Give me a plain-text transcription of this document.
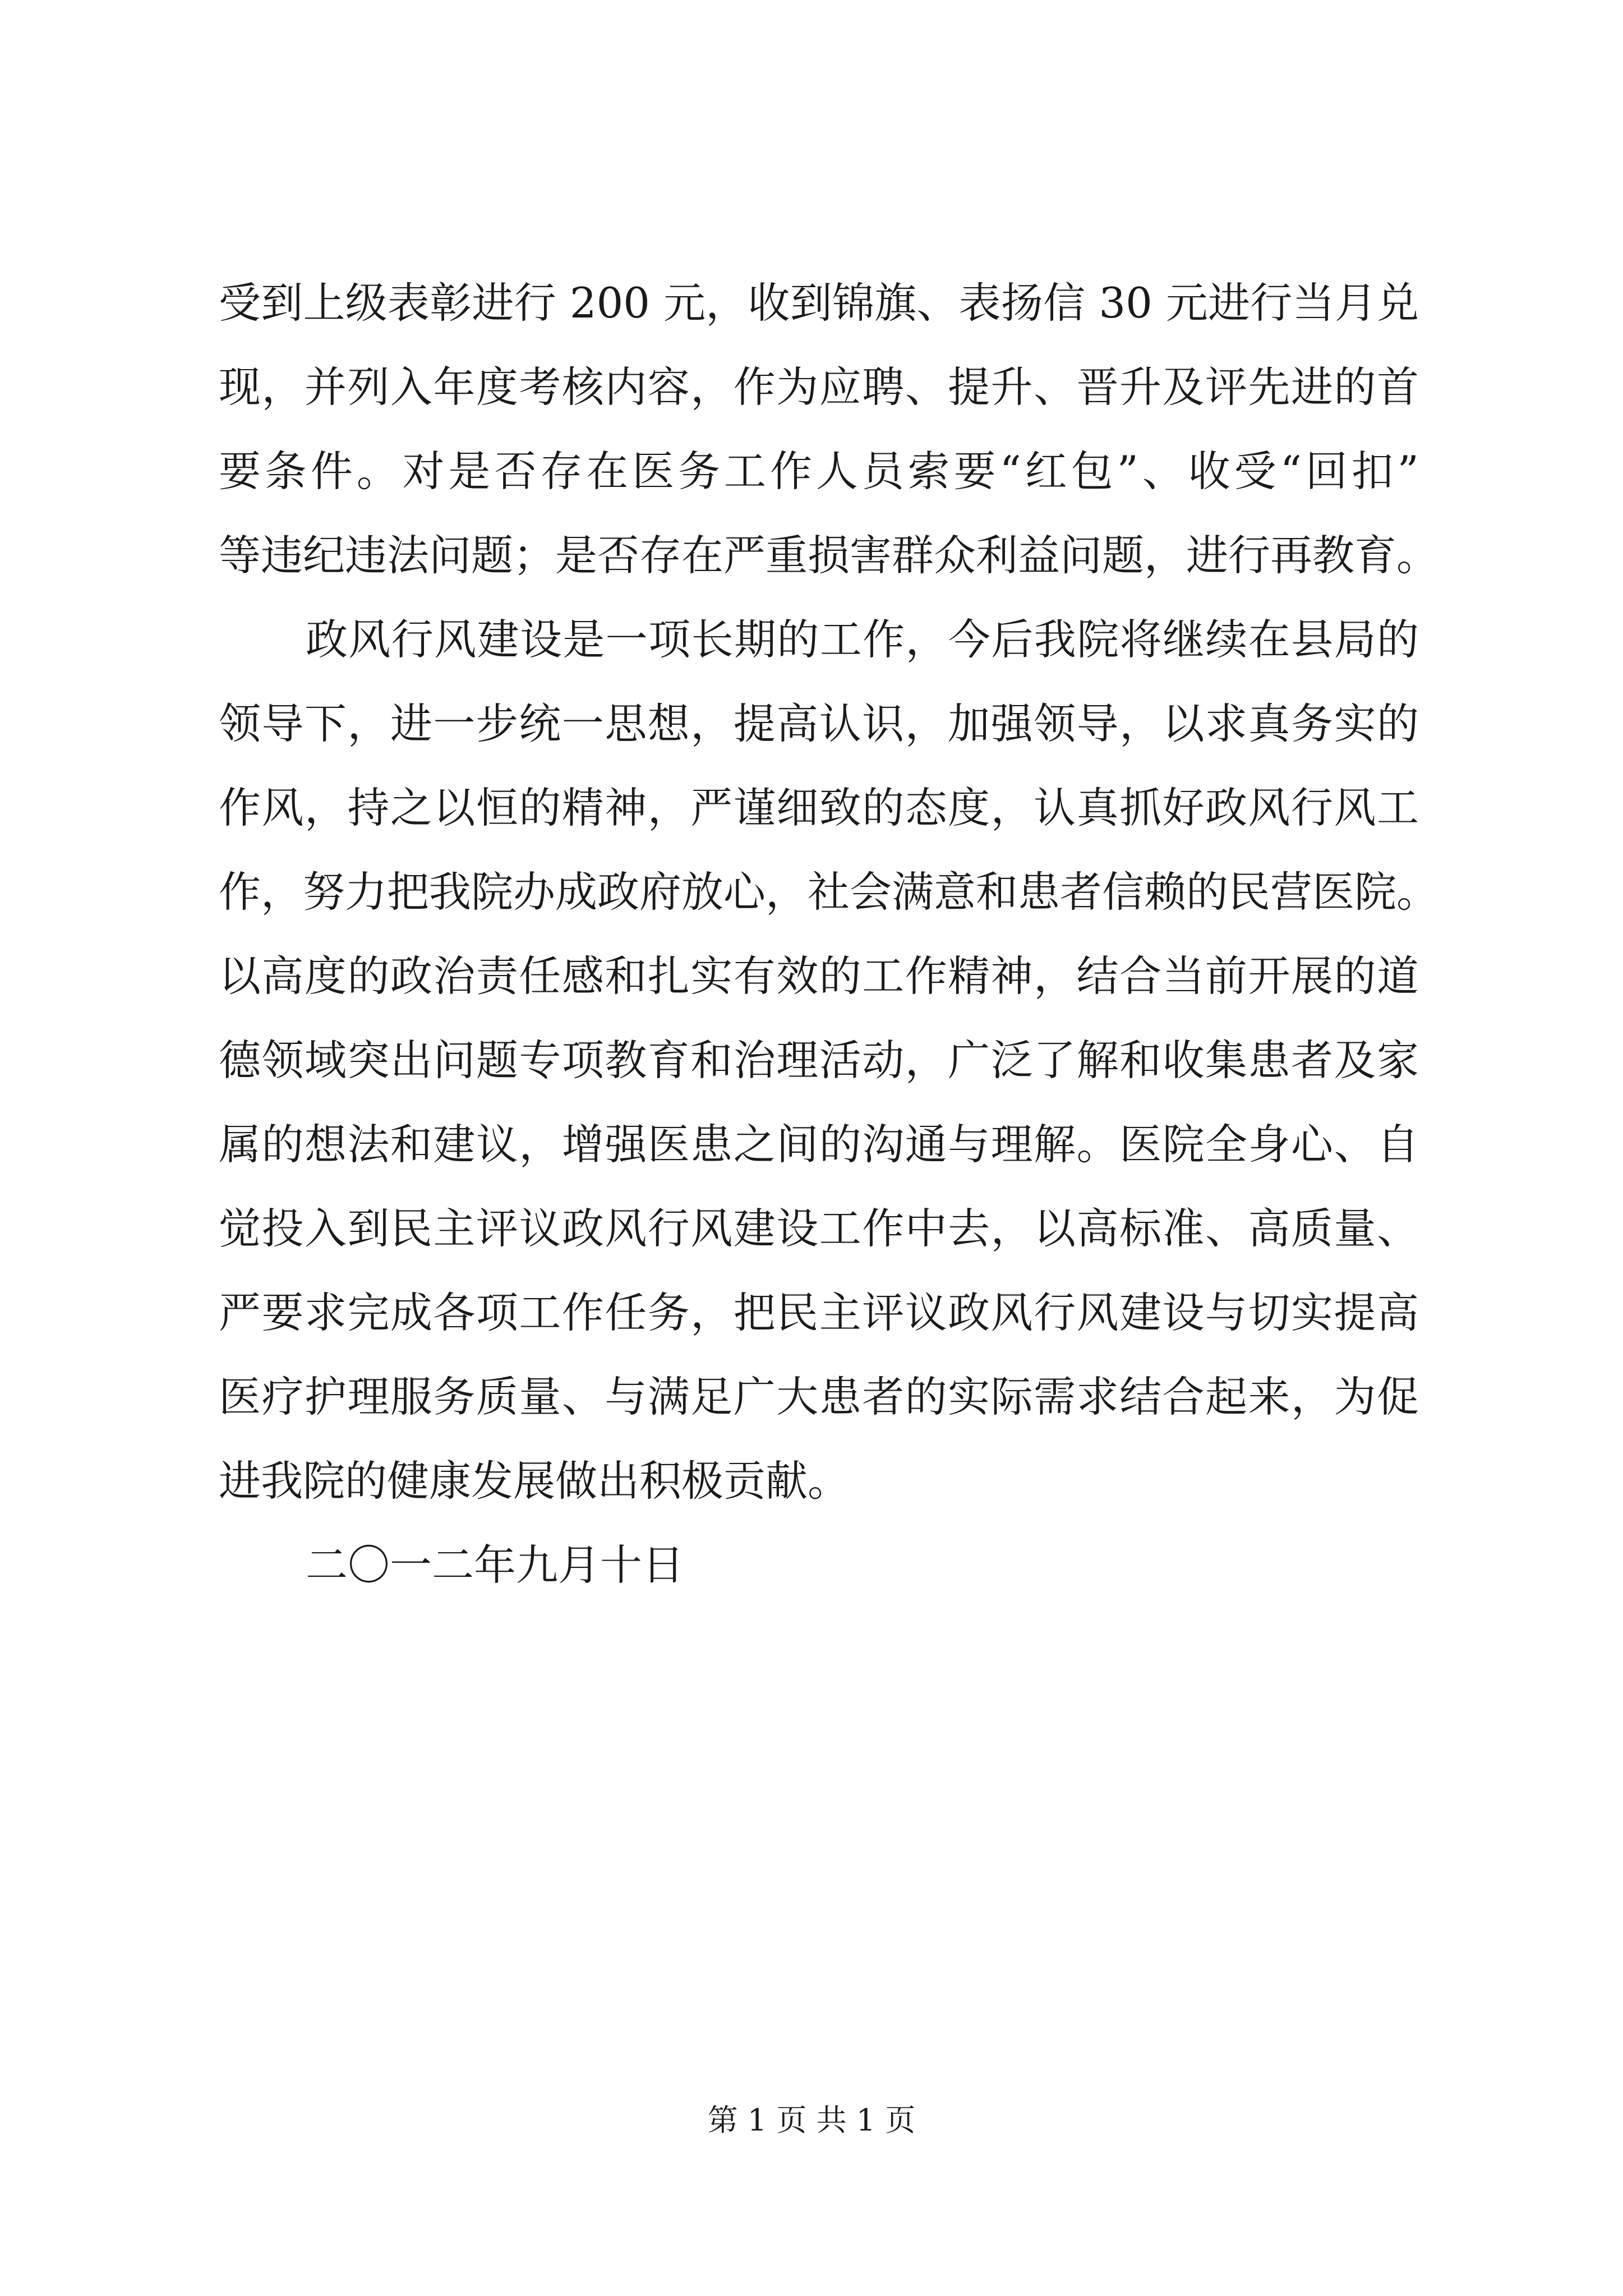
受到上级表彰进行 200 元，收到锦旗、表扬信 30 元进行当月兑
现，并列入年度考核内容，作为应聘、提升、晋升及评先进的首
要条件。对是否存在医务工作人员索要“红包”、收受“回扣”
等违纪违法问题；是否存在严重损害群众利益问题，进行再教育。
政风行风建设是一项长期的工作，今后我院将继续在县局的
领导下，进一步统一思想，提高认识，加强领导，以求真务实的
作风，持之以恒的精神，严谨细致的态度，认真抓好政风行风工
作，努力把我院办成政府放心，社会满意和患者信赖的民营医院。
以高度的政治责任感和扎实有效的工作精神，结合当前开展的道
德领域突出问题专项教育和治理活动，广泛了解和收集患者及家
属的想法和建议，增强医患之间的沟通与理解。医院全身心、自
觉投入到民主评议政风行风建设工作中去，以高标准、高质量、
严要求完成各项工作任务，把民主评议政风行风建设与切实提高
医疗护理服务质量、与满足广大患者的实际需求结合起来，为促
进我院的健康发展做出积极贡献。
二〇一二年九月十日
第 1 页 共 1 页
